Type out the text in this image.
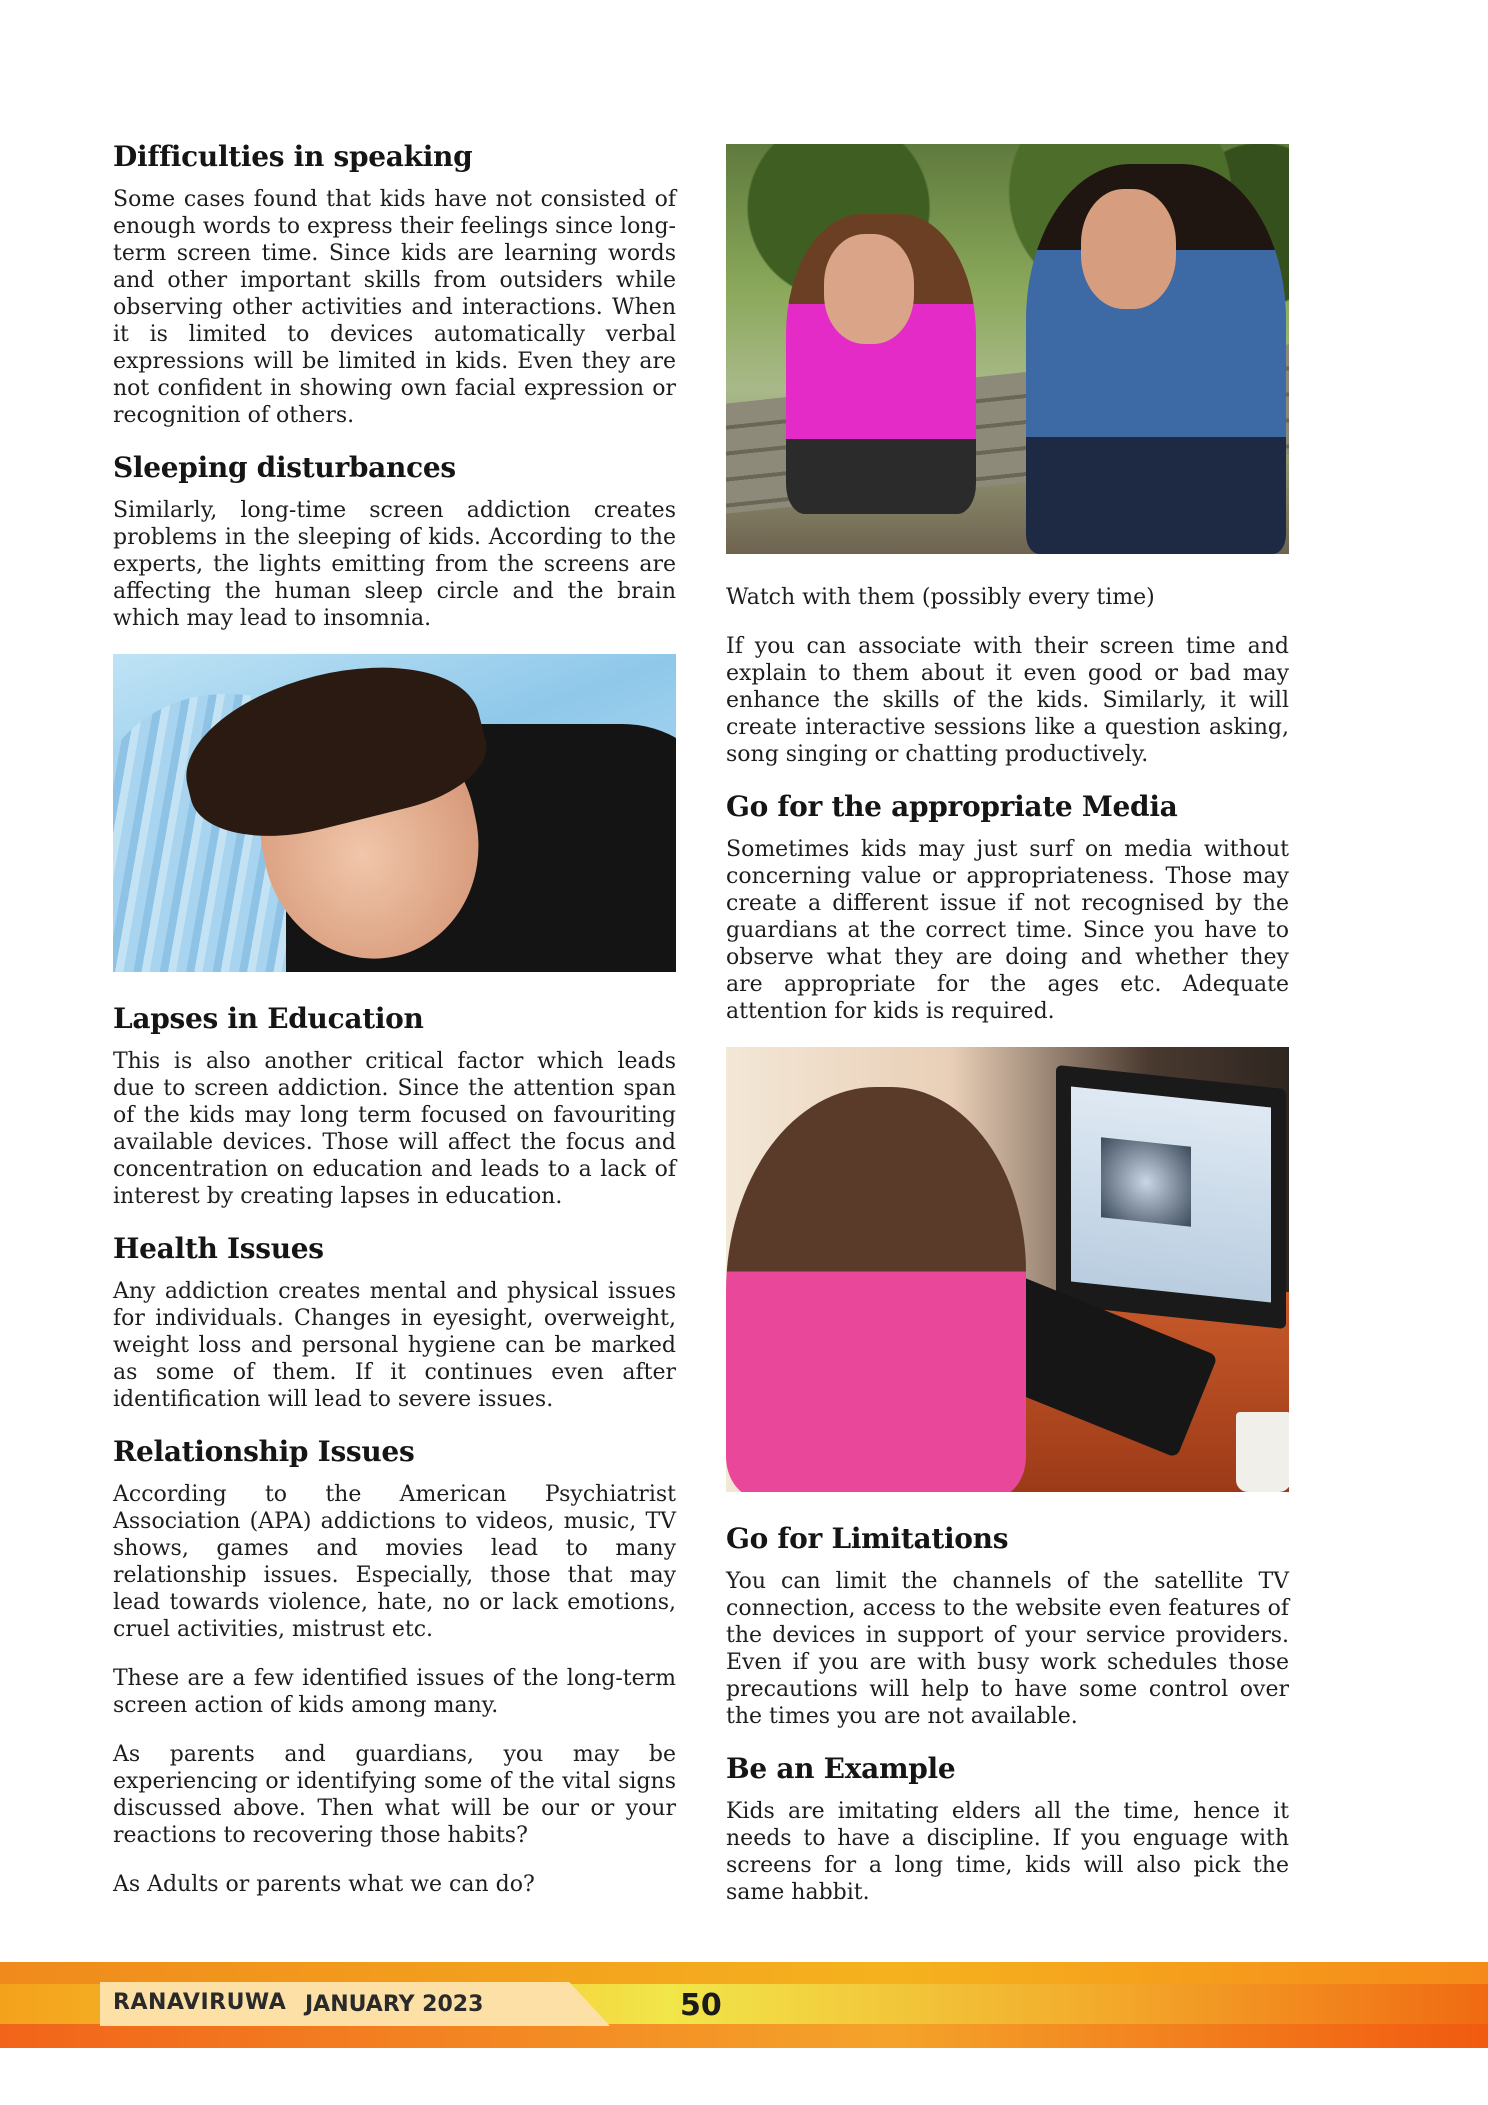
Difficulties in speaking

Some cases found that kids have not consisted of enough words to express their feelings since long-term screen time. Since kids are learning words and other important skills from outsiders while observing other activities and interactions. When it is limited to devices automatically verbal expressions will be limited in kids. Even they are not confident in showing own facial expression or recognition of others.

Sleeping disturbances

Similarly, long-time screen addiction creates problems in the sleeping of kids. According to the experts, the lights emitting from the screens are affecting the human sleep circle and the brain which may lead to insomnia.

Lapses in Education

This is also another critical factor which leads due to screen addiction. Since the attention span of the kids may long term focused on favouriting available devices. Those will affect the focus and concentration on education and leads to a lack of interest by creating lapses in education.

Health Issues

Any addiction creates mental and physical issues for individuals. Changes in eyesight, overweight, weight loss and personal hygiene can be marked as some of them. If it continues even after identification will lead to severe issues.

Relationship Issues

According to the American Psychiatrist Association (APA) addictions to videos, music, TV shows, games and movies lead to many relationship issues. Especially, those that may lead towards violence, hate, no or lack emotions, cruel activities, mistrust etc.

These are a few identified issues of the long-term screen action of kids among many.

As parents and guardians, you may be experiencing or identifying some of the vital signs discussed above. Then what will be our or your reactions to recovering those habits?

As Adults or parents what we can do?

Watch with them (possibly every time)

If you can associate with their screen time and explain to them about it even good or bad may enhance the skills of the kids. Similarly, it will create interactive sessions like a question asking, song singing or chatting productively.

Go for the appropriate Media

Sometimes kids may just surf on media without concerning value or appropriateness. Those may create a different issue if not recognised by the guardians at the correct time. Since you have to observe what they are doing and whether they are appropriate for the ages etc. Adequate attention for kids is required.

Go for Limitations

You can limit the channels of the satellite TV connection, access to the website even features of the devices in support of your service providers. Even if you are with busy work schedules those precautions will help to have some control over the times you are not available.

Be an Example

Kids are imitating elders all the time, hence it needs to have a discipline. If you enguage with screens for a long time, kids will also pick the same habbit.

RANAVIRUWA JANUARY 2023	50
